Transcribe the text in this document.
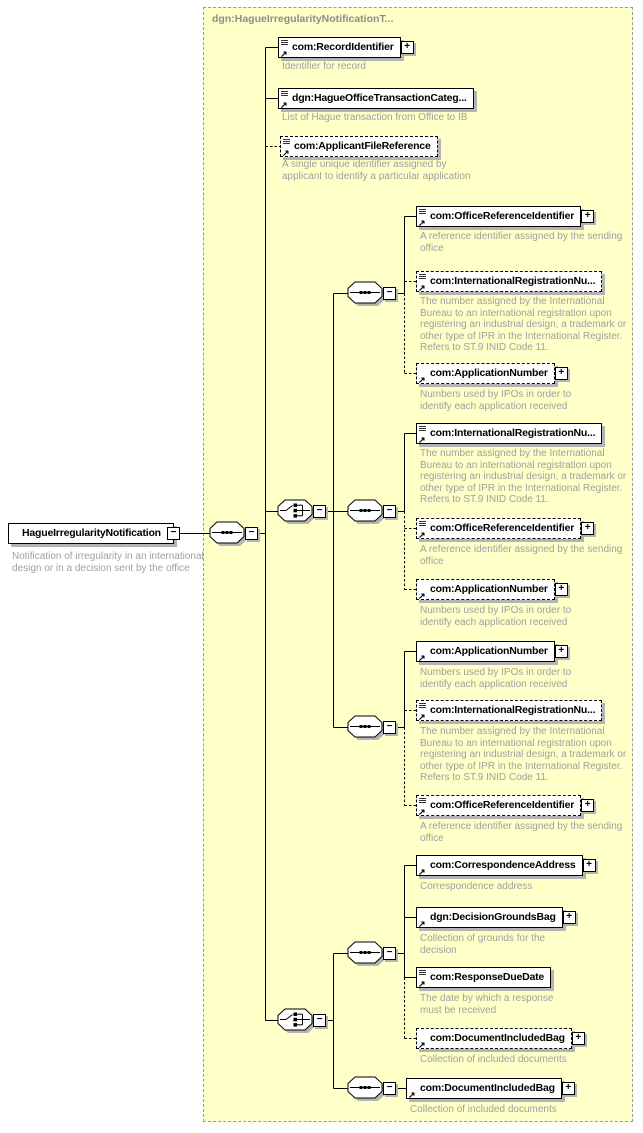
dgn:HagueIrregularityNotificationT...
HagueIrregularityNotification −
Notification of irregularity in an international design or in a decision sent by the office
−
−
−
−
−
−
−
−
↗
com:RecordIdentifier	+
Identifier for record
↗
dgn:HagueOfficeTransactionCateg...
List of Hague transaction from Office to IB
↗
com:ApplicantFileReference
A single unique identifier assigned by applicant to identify a particular application
↗
com:OfficeReferenceIdentifier	+
A reference identifier assigned by the sending office
↗
com:InternationalRegistrationNu...
The number assigned by the International Bureau to an international registration upon registering an industrial design, a trademark or other type of IPR in the International Register. Refers to ST.9 INID Code 11.
↗
com:ApplicationNumber	+
Numbers used by IPOs in order to identify each application received
↗
com:InternationalRegistrationNu...
The number assigned by the International Bureau to an international registration upon registering an industrial design, a trademark or other type of IPR in the International Register. Refers to ST.9 INID Code 11.
↗
com:OfficeReferenceIdentifier	+
A reference identifier assigned by the sending office
↗
com:ApplicationNumber	+
Numbers used by IPOs in order to identify each application received
↗
com:ApplicationNumber	+
Numbers used by IPOs in order to identify each application received
↗
com:InternationalRegistrationNu...
The number assigned by the International Bureau to an international registration upon registering an industrial design, a trademark or other type of IPR in the International Register. Refers to ST.9 INID Code 11.
↗
com:OfficeReferenceIdentifier	+
A reference identifier assigned by the sending office
↗
com:CorrespondenceAddress	+
Correspondence address
↗
dgn:DecisionGroundsBag	+
Collection of grounds for the decision
↗
com:ResponseDueDate
The date by which a response must be received
↗
com:DocumentIncludedBag	+
Collection of included documents
↗
com:DocumentIncludedBag	+
Collection of included documents
